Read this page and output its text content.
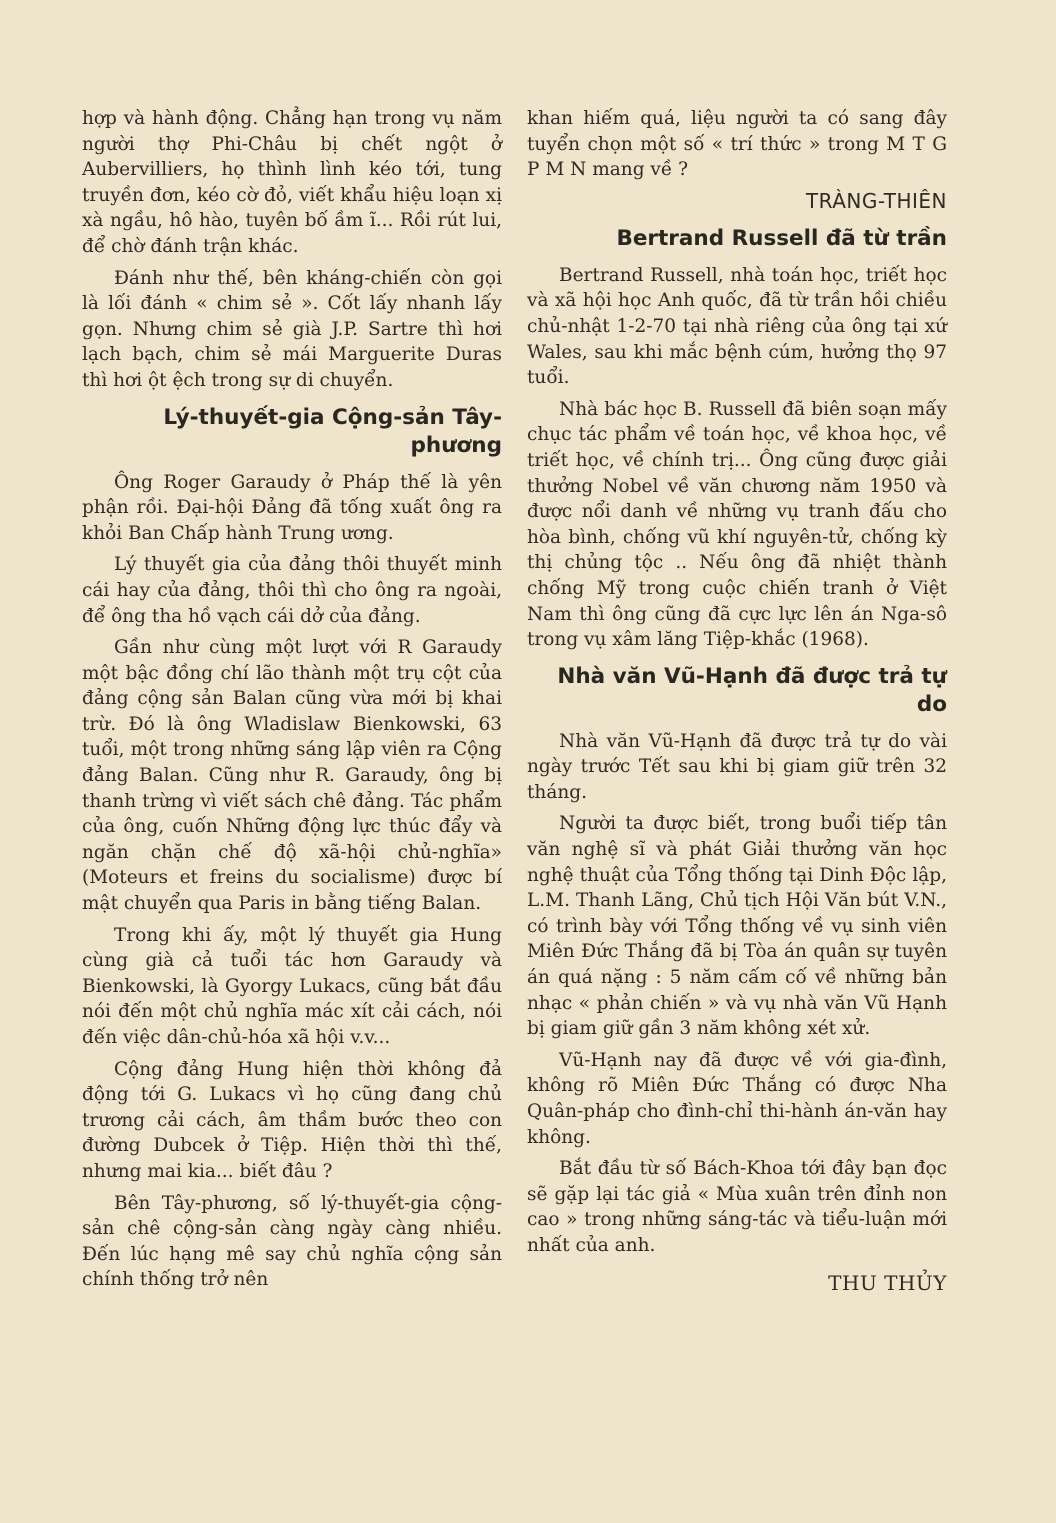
hợp và hành động. Chẳng hạn trong vụ năm người thợ Phi-Châu bị chết ngột ở Aubervilliers, họ thình lình kéo tới, tung truyền đơn, kéo cờ đỏ, viết khẩu hiệu loạn xị xà ngầu, hô hào, tuyên bố ầm ĩ... Rồi rút lui, để chờ đánh trận khác.

Đánh như thế, bên kháng-chiến còn gọi là lối đánh « chim sẻ ». Cốt lấy nhanh lấy gọn. Nhưng chim sẻ già J.P. Sartre thì hơi lạch bạch, chim sẻ mái Marguerite Duras thì hơi ột ệch trong sự di chuyển.

Lý-thuyết-gia Cộng-sản Tây-phương

Ông Roger Garaudy ở Pháp thế là yên phận rồi. Đại-hội Đảng đã tống xuất ông ra khỏi Ban Chấp hành Trung ương.

Lý thuyết gia của đảng thôi thuyết minh cái hay của đảng, thôi thì cho ông ra ngoài, để ông tha hồ vạch cái dở của đảng.

Gần như cùng một lượt với R Garaudy một bậc đồng chí lão thành một trụ cột của đảng cộng sản Balan cũng vừa mới bị khai trừ. Đó là ông Wladislaw Bienkowski, 63 tuổi, một trong những sáng lập viên ra Cộng đảng Balan. Cũng như R. Garaudy, ông bị thanh trừng vì viết sách chê đảng. Tác phẩm của ông, cuốn Những động lực thúc đẩy và ngăn chặn chế độ xã-hội chủ-nghĩa» (Moteurs et freins du socialisme) được bí mật chuyển qua Paris in bằng tiếng Balan.

Trong khi ấy, một lý thuyết gia Hung cùng già cả tuổi tác hơn Garaudy và Bienkowski, là Gyorgy Lukacs, cũng bắt đầu nói đến một chủ nghĩa mác xít cải cách, nói đến việc dân-chủ-hóa xã hội v.v...

Cộng đảng Hung hiện thời không đả động tới G. Lukacs vì họ cũng đang chủ trương cải cách, âm thầm bước theo con đường Dubcek ở Tiệp. Hiện thời thì thế, nhưng mai kia... biết đâu ?

Bên Tây-phương, số lý-thuyết-gia cộng-sản chê cộng-sản càng ngày càng nhiều. Đến lúc hạng mê say chủ nghĩa cộng sản chính thống trở nên

khan hiếm quá, liệu người ta có sang đây tuyển chọn một số « trí thức » trong M T G P M N mang về ?

TRÀNG-THIÊN
Bertrand Russell đã từ trần

Bertrand Russell, nhà toán học, triết học và xã hội học Anh quốc, đã từ trần hồi chiều chủ-nhật 1-2-70 tại nhà riêng của ông tại xứ Wales, sau khi mắc bệnh cúm, hưởng thọ 97 tuổi.

Nhà bác học B. Russell đã biên soạn mấy chục tác phẩm về toán học, về khoa học, về triết học, về chính trị... Ông cũng được giải thưởng Nobel về văn chương năm 1950 và được nổi danh về những vụ tranh đấu cho hòa bình, chống vũ khí nguyên-tử, chống kỳ thị chủng tộc .. Nếu ông đã nhiệt thành chống Mỹ trong cuộc chiến tranh ở Việt Nam thì ông cũng đã cực lực lên án Nga-sô trong vụ xâm lăng Tiệp-khắc (1968).

Nhà văn Vũ-Hạnh đã được trả tự do

Nhà văn Vũ-Hạnh đã được trả tự do vài ngày trước Tết sau khi bị giam giữ trên 32 tháng.

Người ta được biết, trong buổi tiếp tân văn nghệ sĩ và phát Giải thưởng văn học nghệ thuật của Tổng thống tại Dinh Độc lập, L.M. Thanh Lãng, Chủ tịch Hội Văn bút V.N., có trình bày với Tổng thống về vụ sinh viên Miên Đức Thắng đã bị Tòa án quân sự tuyên án quá nặng : 5 năm cấm cố về những bản nhạc « phản chiến » và vụ nhà văn Vũ Hạnh bị giam giữ gần 3 năm không xét xử.

Vũ-Hạnh nay đã được về với gia-đình, không rõ Miên Đức Thắng có được Nha Quân-pháp cho đình-chỉ thi-hành án-văn hay không.

Bắt đầu từ số Bách-Khoa tới đây bạn đọc sẽ gặp lại tác giả « Mùa xuân trên đỉnh non cao » trong những sáng-tác và tiểu-luận mới nhất của anh.

THU THỦY
